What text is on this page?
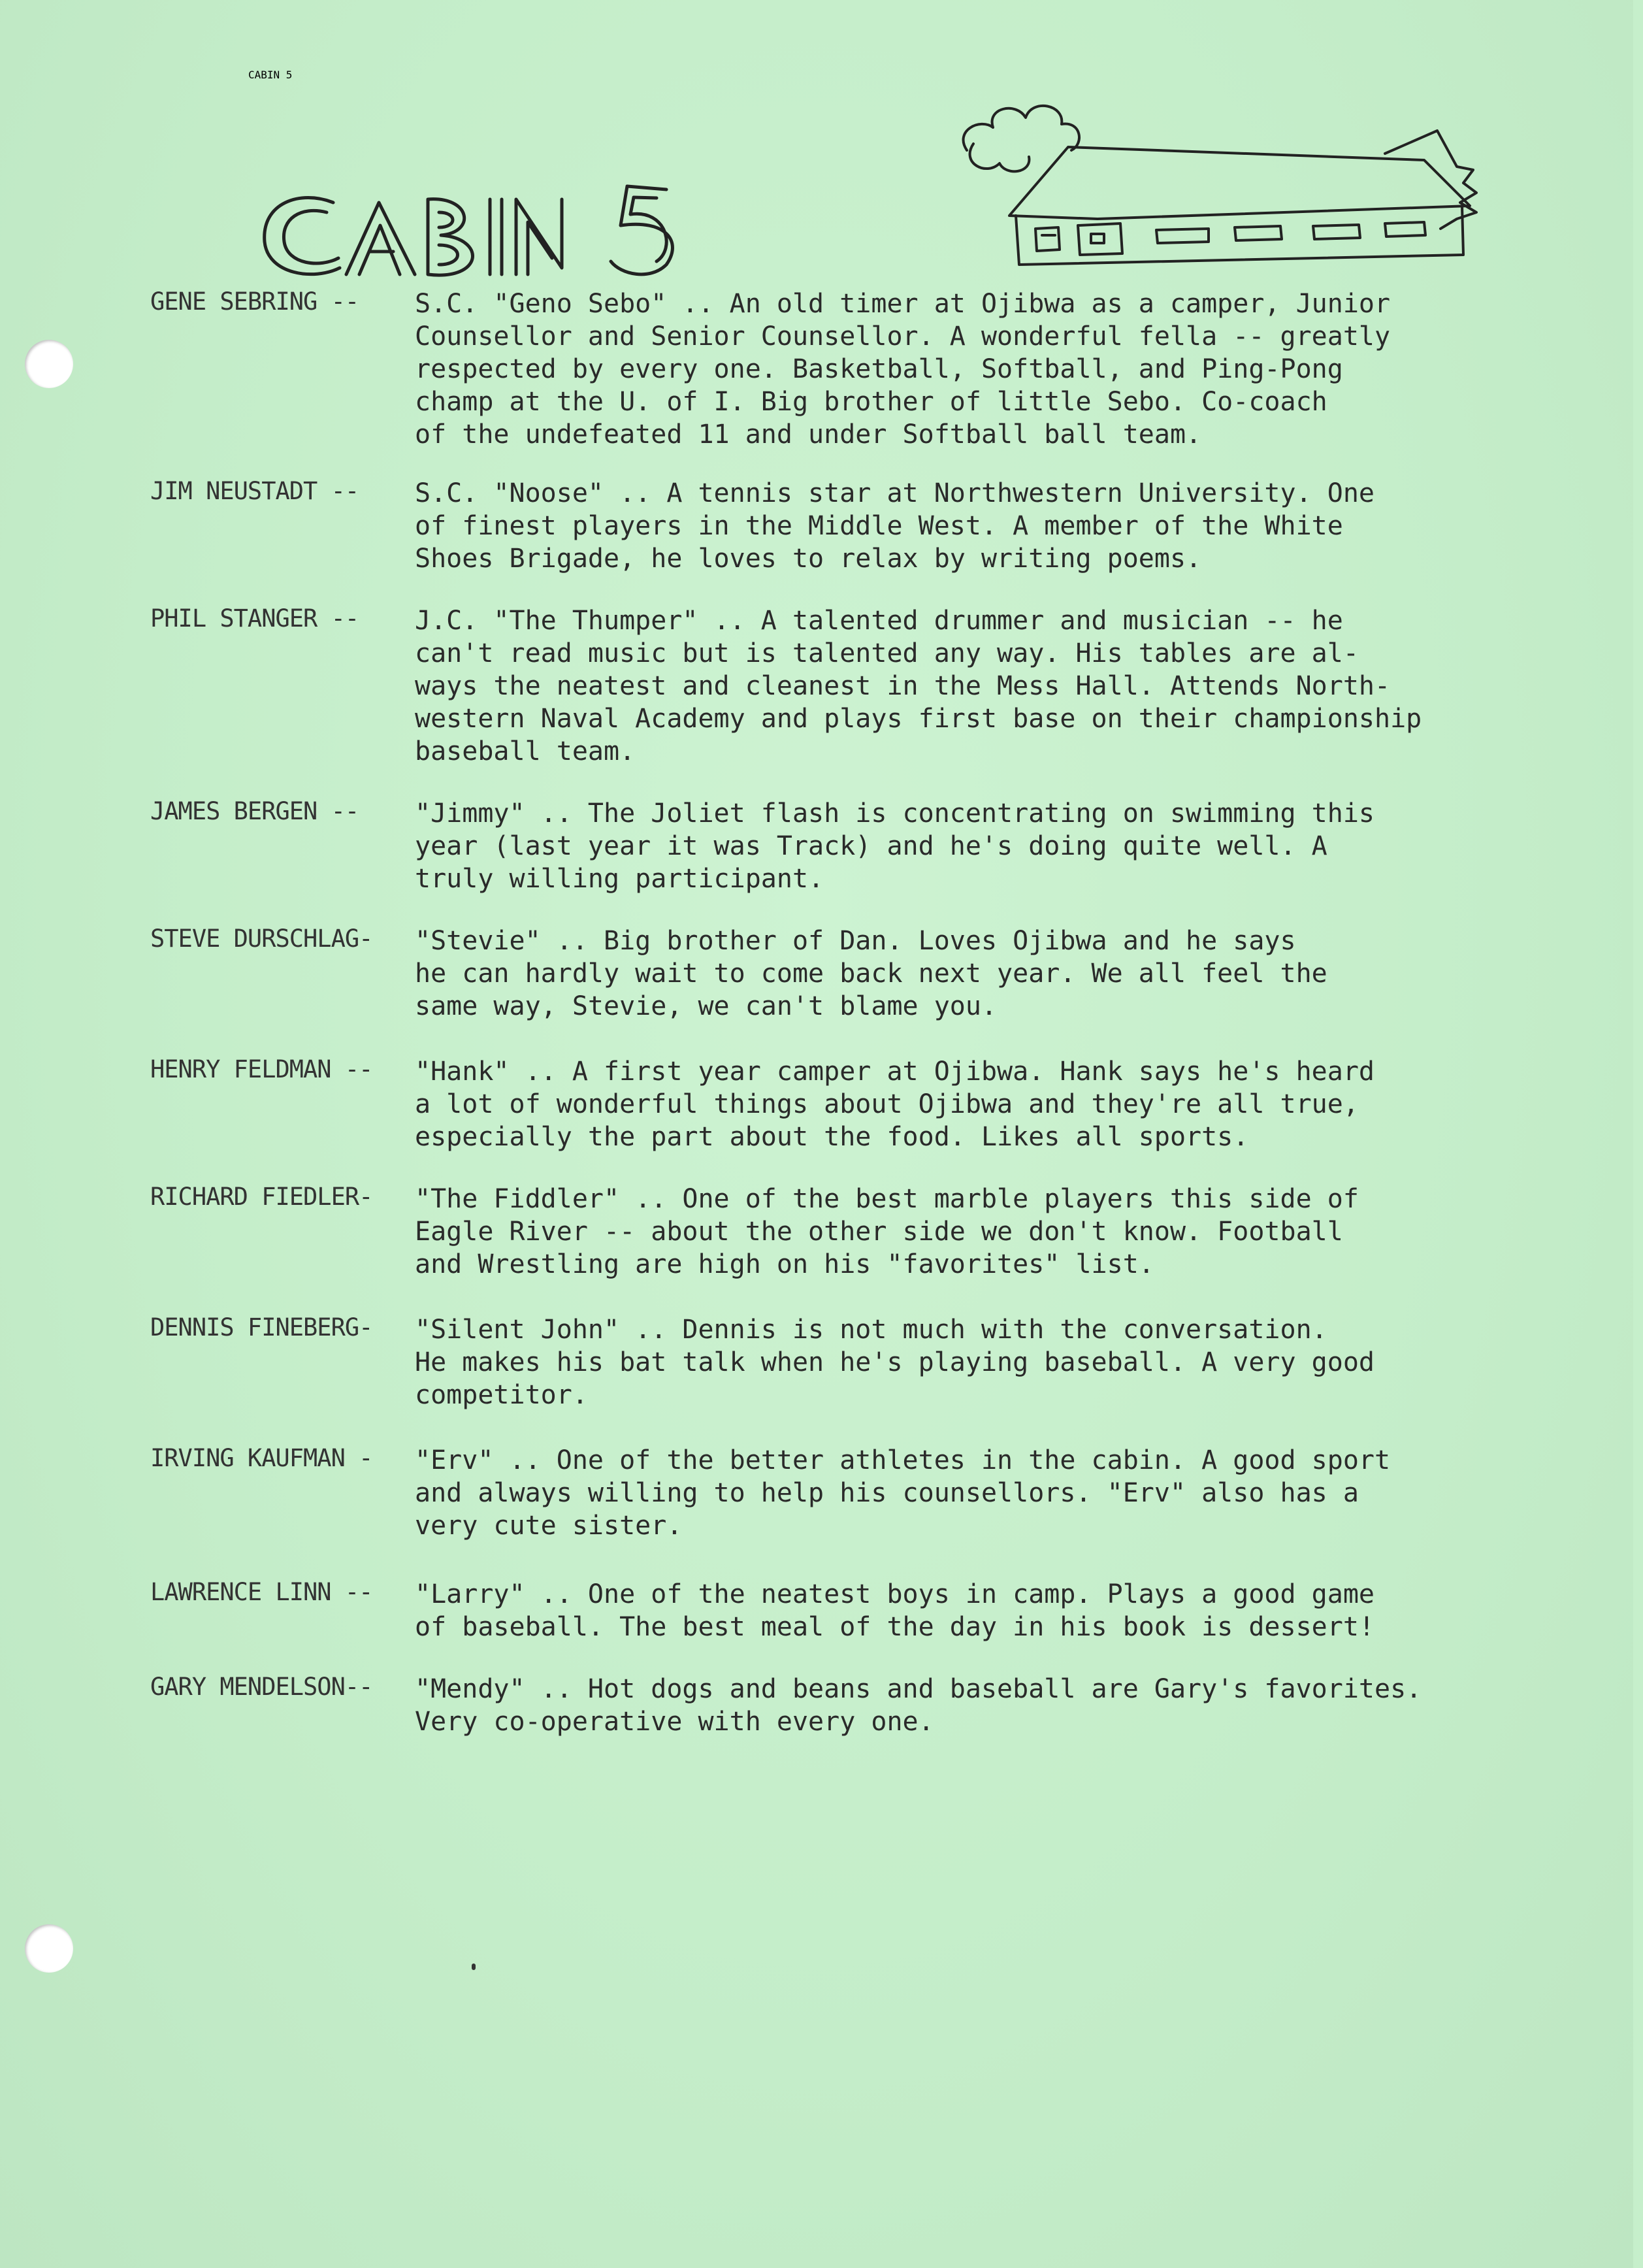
CABIN 5
GENE SEBRING -- S.C. "Geno Sebo" .. An old timer at Ojibwa as a camper, Junior
Counsellor and Senior Counsellor. A wonderful fella -- greatly
respected by every one. Basketball, Softball, and Ping-Pong
champ at the U. of I. Big brother of little Sebo. Co-coach
of the undefeated 11 and under Softball ball team.
JIM NEUSTADT -- S.C. "Noose" .. A tennis star at Northwestern University. One
of finest players in the Middle West. A member of the White
Shoes Brigade, he loves to relax by writing poems.
PHIL STANGER -- J.C. "The Thumper" .. A talented drummer and musician -- he
can't read music but is talented any way. His tables are al-
ways the neatest and cleanest in the Mess Hall. Attends North-
western Naval Academy and plays first base on their championship
baseball team.
JAMES BERGEN -- "Jimmy" .. The Joliet flash is concentrating on swimming this
year (last year it was Track) and he's doing quite well. A
truly willing participant.
STEVE DURSCHLAG- "Stevie" .. Big brother of Dan. Loves Ojibwa and he says
he can hardly wait to come back next year. We all feel the
same way, Stevie, we can't blame you.
HENRY FELDMAN -- "Hank" .. A first year camper at Ojibwa. Hank says he's heard
a lot of wonderful things about Ojibwa and they're all true,
especially the part about the food. Likes all sports.
RICHARD FIEDLER- "The Fiddler" .. One of the best marble players this side of
Eagle River -- about the other side we don't know. Football
and Wrestling are high on his "favorites" list.
DENNIS FINEBERG- "Silent John" .. Dennis is not much with the conversation.
He makes his bat talk when he's playing baseball. A very good
competitor.
IRVING KAUFMAN - "Erv" .. One of the better athletes in the cabin. A good sport
and always willing to help his counsellors. "Erv" also has a
very cute sister.
LAWRENCE LINN -- "Larry" .. One of the neatest boys in camp. Plays a good game
of baseball. The best meal of the day in his book is dessert!
GARY MENDELSON-- "Mendy" .. Hot dogs and beans and baseball are Gary's favorites.
Very co-operative with every one.
